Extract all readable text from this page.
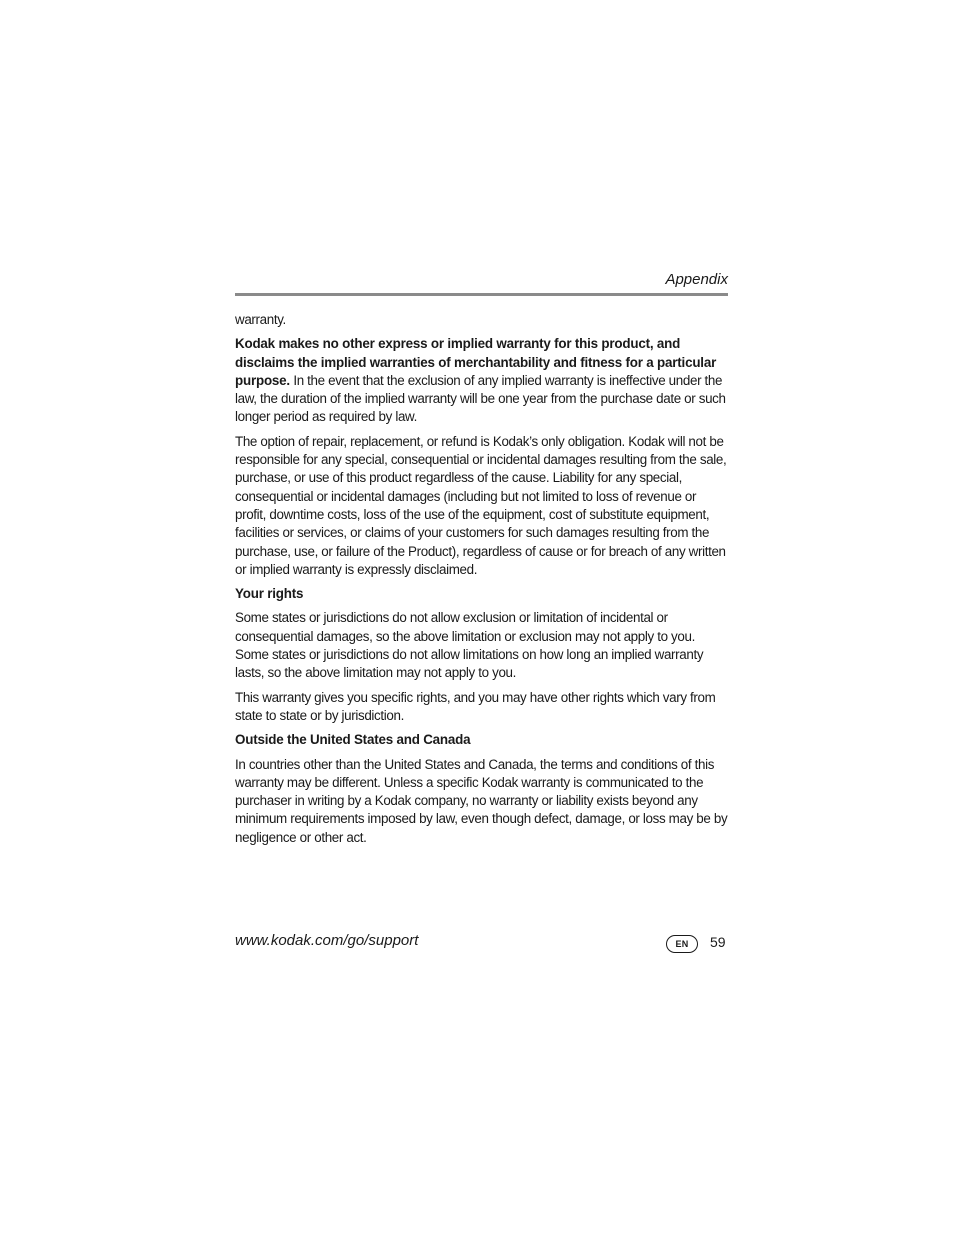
Appendix

warranty.

Kodak makes no other express or implied warranty for this product, and disclaims the implied warranties of merchantability and fitness for a particular purpose. In the event that the exclusion of any implied warranty is ineffective under the law, the duration of the implied warranty will be one year from the purchase date or such longer period as required by law.

The option of repair, replacement, or refund is Kodak’s only obligation. Kodak will not be responsible for any special, consequential or incidental damages resulting from the sale, purchase, or use of this product regardless of the cause. Liability for any special, consequential or incidental damages (including but not limited to loss of revenue or profit, downtime costs, loss of the use of the equipment, cost of substitute equipment, facilities or services, or claims of your customers for such damages resulting from the purchase, use, or failure of the Product), regardless of cause or for breach of any written or implied warranty is expressly disclaimed.

Your rights

Some states or jurisdictions do not allow exclusion or limitation of incidental or consequential damages, so the above limitation or exclusion may not apply to you. Some states or jurisdictions do not allow limitations on how long an implied warranty lasts, so the above limitation may not apply to you.

This warranty gives you specific rights, and you may have other rights which vary from state to state or by jurisdiction.

Outside the United States and Canada

In countries other than the United States and Canada, the terms and conditions of this warranty may be different. Unless a specific Kodak warranty is communicated to the purchaser in writing by a Kodak company, no warranty or liability exists beyond any minimum requirements imposed by law, even though defect, damage, or loss may be by negligence or other act.

www.kodak.com/go/support	EN	59
